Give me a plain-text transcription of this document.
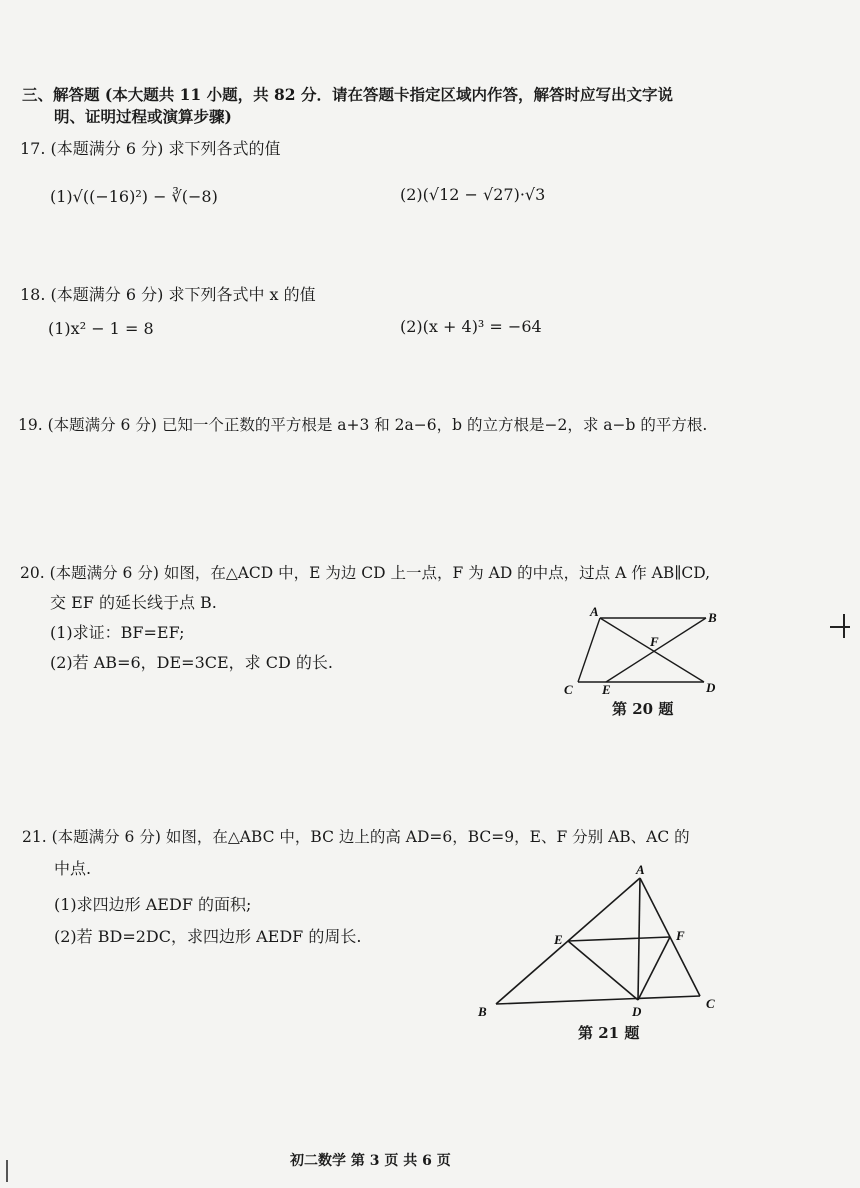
三、解答题 (本大题共 11 小题，共 82 分．请在答题卡指定区域内作答，解答时应写出文字说
明、证明过程或演算步骤)
17. (本题满分 6 分) 求下列各式的值
(1)√((−16)²) − ∛(−8)	(2)(√12 − √27)·√3
18. (本题满分 6 分) 求下列各式中 x 的值
(1)x² − 1 = 8	(2)(x + 4)³ = −64
19. (本题满分 6 分) 已知一个正数的平方根是 a+3 和 2a−6，b 的立方根是−2，求 a−b 的平方根.
20. (本题满分 6 分) 如图，在△ACD 中，E 为边 CD 上一点，F 为 AD 的中点，过点 A 作 AB∥CD,
交 EF 的延长线于点 B.
(1)求证：BF=EF;
(2)若 AB=6，DE=3CE，求 CD 的长.
A	B
F
C E	D
第 20 题
21. (本题满分 6 分) 如图，在△ABC 中，BC 边上的高 AD=6，BC=9，E、F 分别 AB、AC 的
中点.
(1)求四边形 AEDF 的面积;
(2)若 BD=2DC，求四边形 AEDF 的周长.
A
E	F
B	D
C
第 21 题
初二数学 第 3 页 共 6 页
